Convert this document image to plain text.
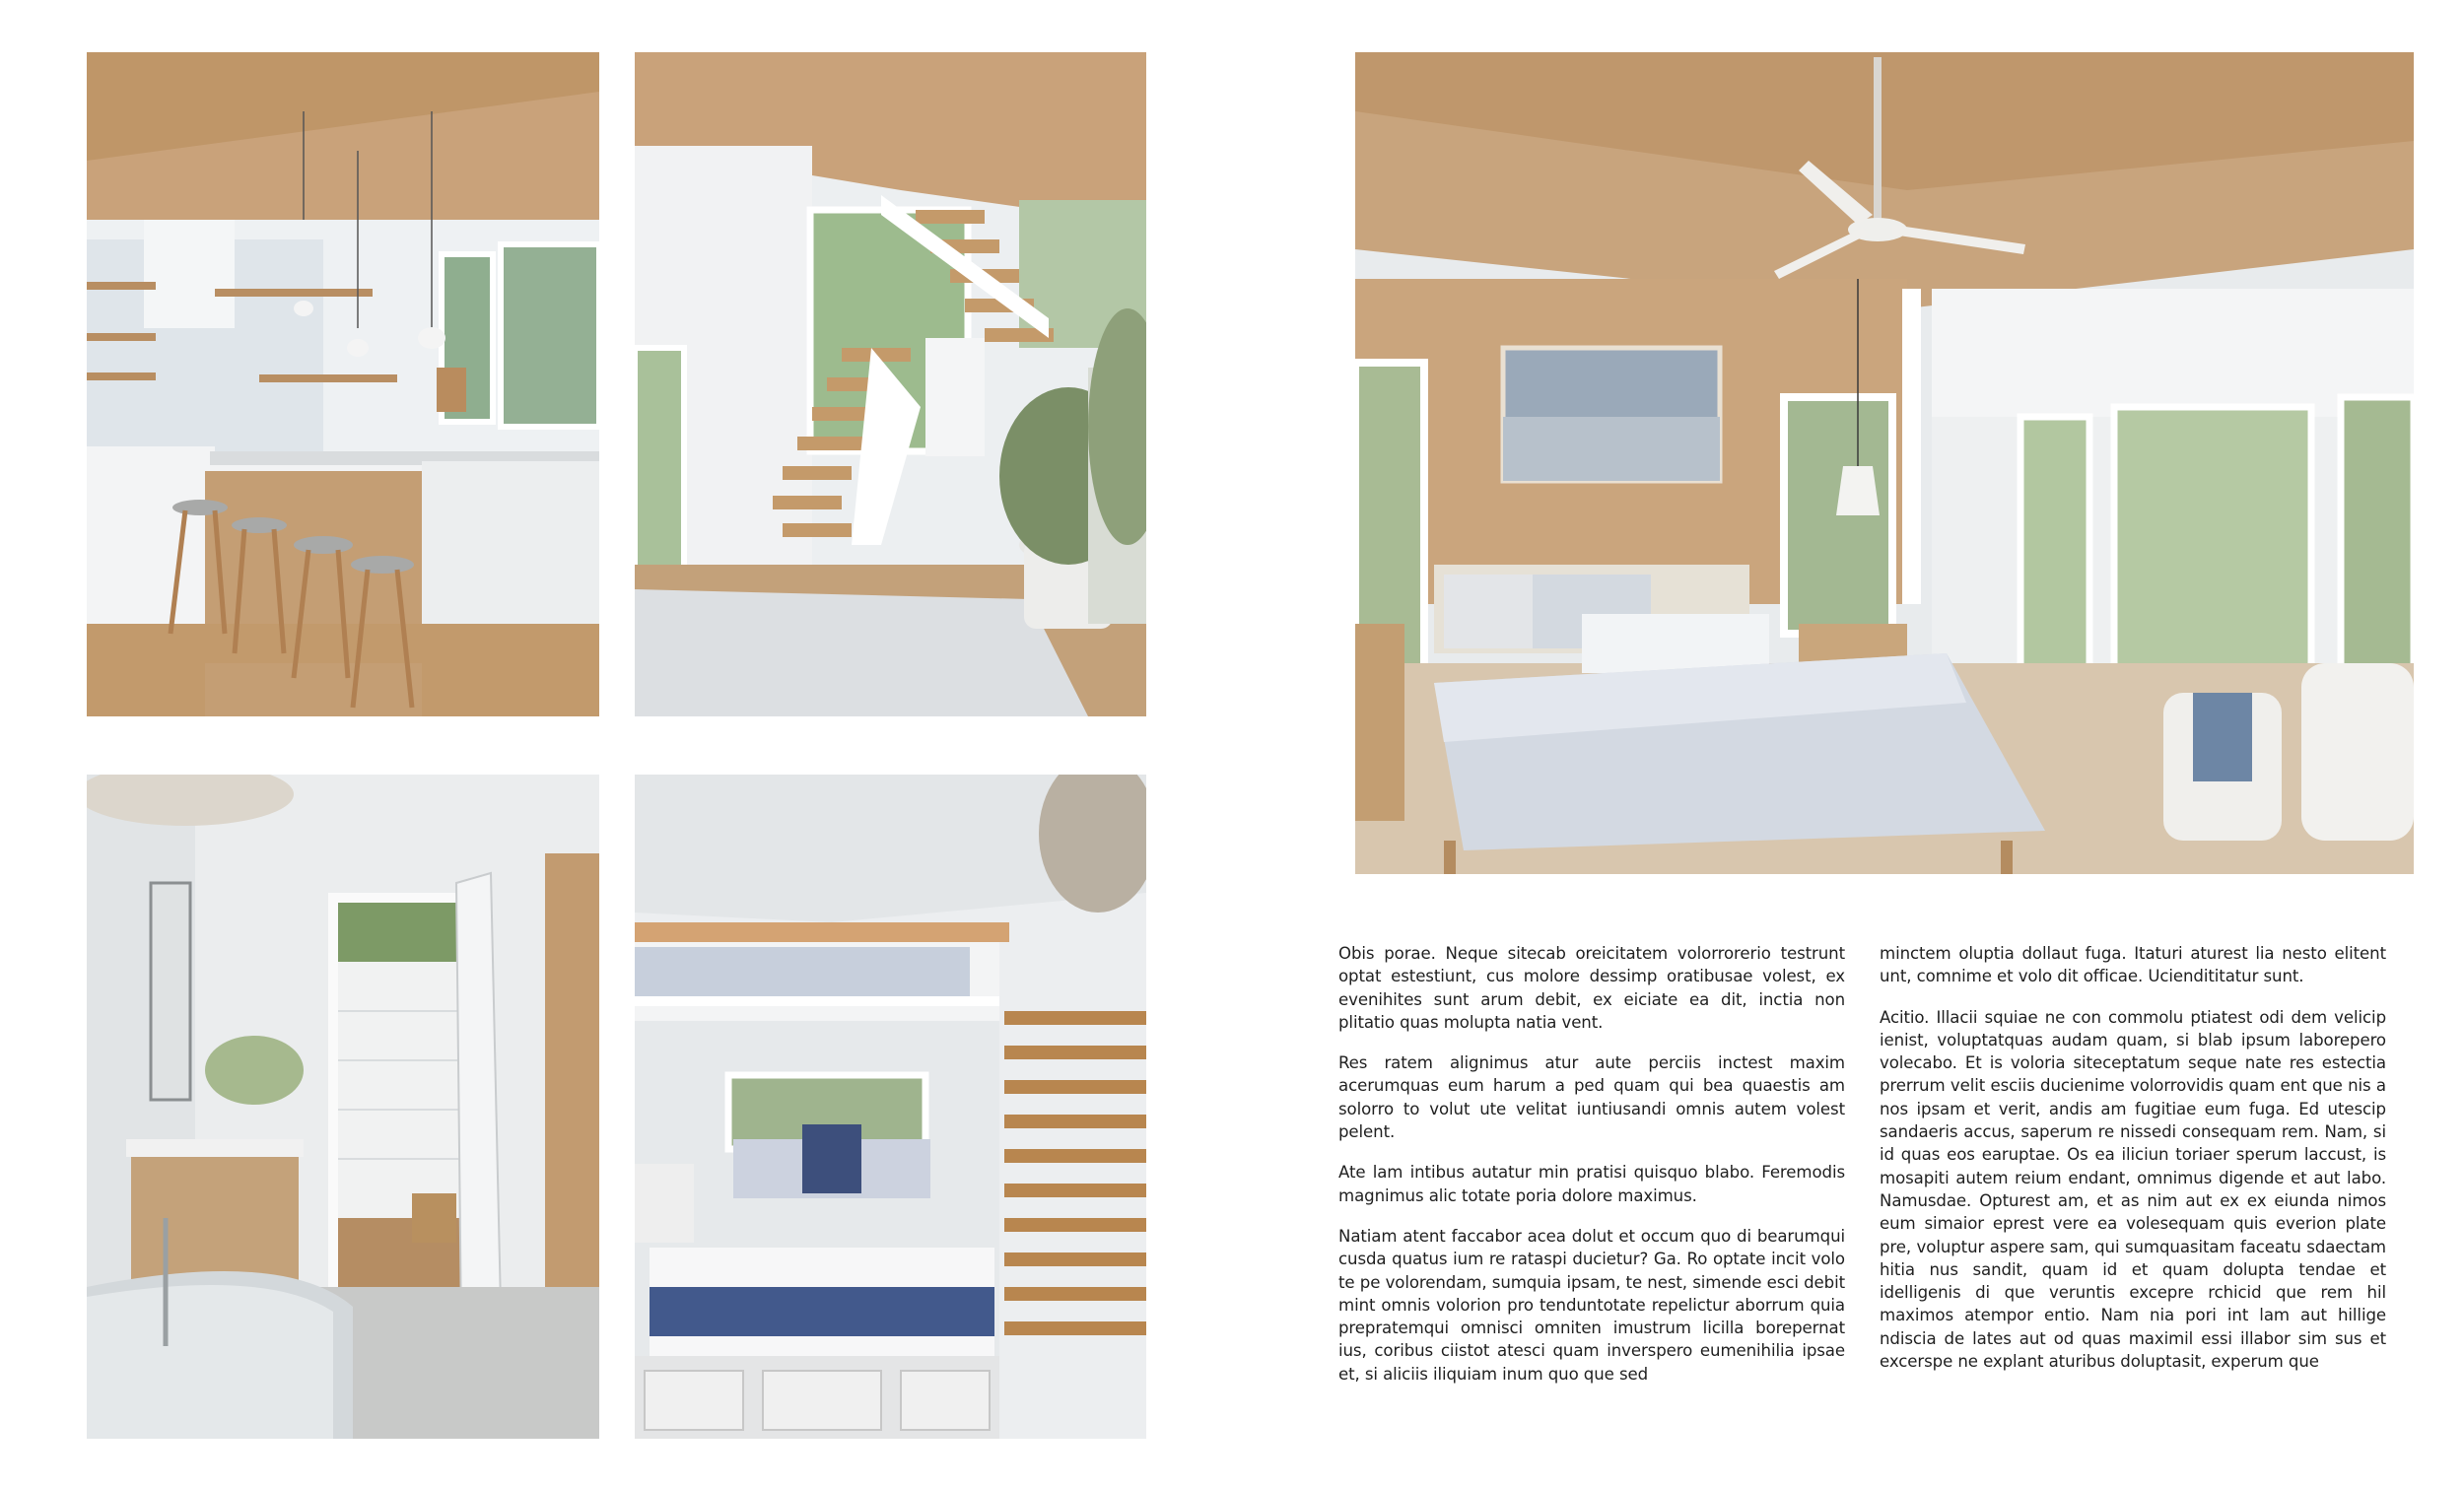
Obis porae. Neque sitecab oreicitatem volorrorerio testrunt optat estestiunt, cus molore dessimp oratibusae volest, ex evenihites sunt arum debit, ex eiciate ea dit, inctia non plitatio quas molupta natia vent.

Res ratem alignimus atur aute perciis inctest maxim acerumquas eum harum a ped quam qui bea quaestis am solorro to volut ute velitat iuntiusandi omnis autem volest pelent.

Ate lam intibus autatur min pratisi quisquo blabo. Feremodis magnimus alic totate poria dolore maximus.

Natiam atent faccabor acea dolut et occum quo di bearumqui cusda quatus ium re rataspi ducietur? Ga. Ro optate incit volo te pe volorendam, sumquia ipsam, te nest, simende esci debit mint omnis volorion pro tenduntotate repelictur aborrum quia prepratemqui omnisci omniten imustrum licilla borepernat ius, coribus ciistot atesci quam inverspero eumenihilia ipsae et, si aliciis iliquiam inum quo que sed

minctem oluptia dollaut fuga. Itaturi aturest lia nesto elitent unt, comnime et volo dit officae. Uciendititatur sunt.

Acitio. Illacii squiae ne con commolu ptiatest odi dem velicip ienist, voluptatquas audam quam, si blab ipsum laborepero volecabo. Et is voloria siteceptatum seque nate res estectia prerrum velit esciis ducienime volorrovidis quam ent que nis a nos ipsam et verit, andis am fugitiae eum fuga. Ed utescip sandaeris accus, saperum re nissedi consequam rem. Nam, si id quas eos earuptae. Os ea iliciun toriaer sperum laccust, is mosapiti autem reium endant, omnimus digende et aut labo. Namusdae. Opturest am, et as nim aut ex ex eiunda nimos eum simaior eprest vere ea volesequam quis everion plate pre, voluptur aspere sam, qui sumquasitam faceatu sdaectam hitia nus sandit, quam id et quam dolupta tendae et idelligenis di que veruntis excepre rchicid que rem hil maximos atempor entio. Nam nia pori int lam aut hillige ndiscia de lates aut od quas maximil essi illabor sim sus et excerspe ne explant aturibus doluptasit, experum que
